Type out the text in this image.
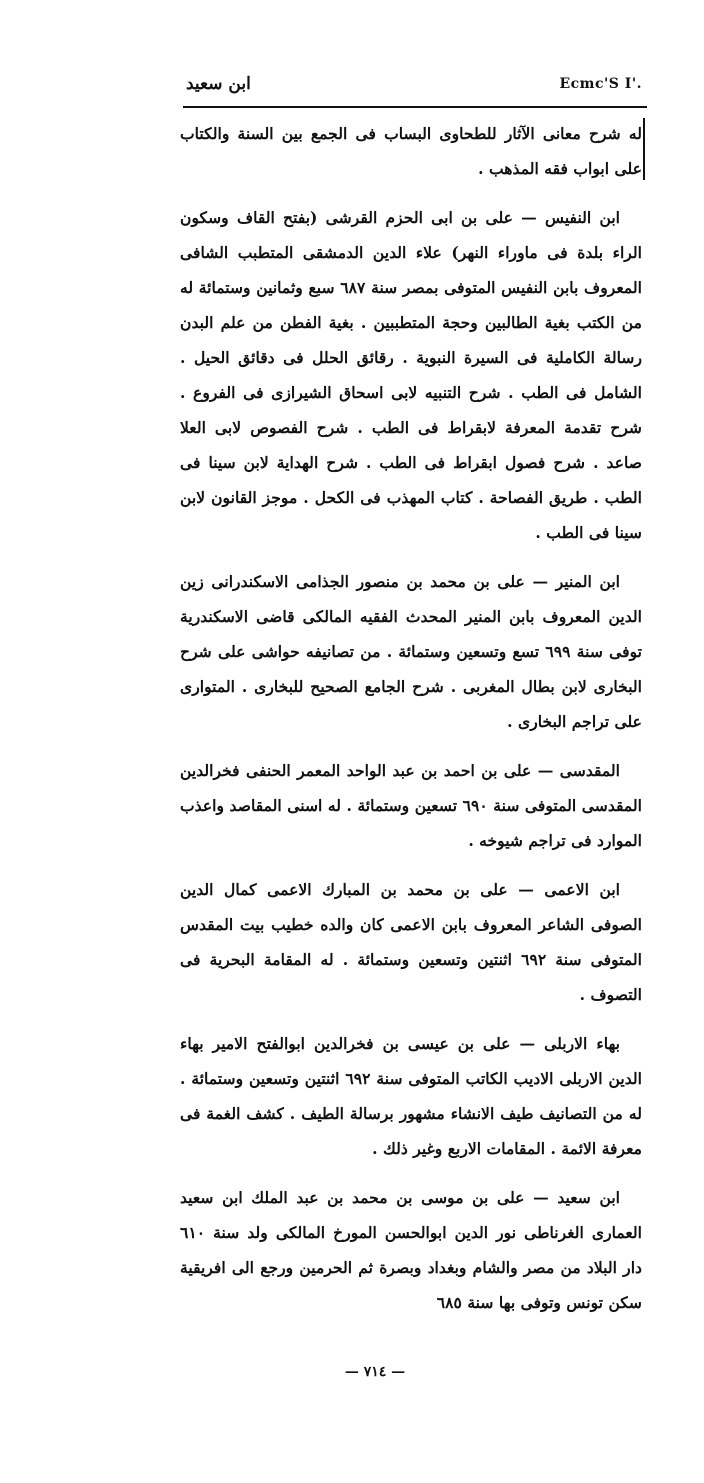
ابن سعيد	Ecmc'S I'.

له شرح معانى الآثار للطحاوى البساب فى الجمع بين السنة والكتاب على ابواب فقه المذهب .

ابن النفيس — على بن ابى الحزم القرشى (بفتح القاف وسكون الراء بلدة فى ماوراء النهر) علاء الدين الدمشقى المتطبب الشافى المعروف بابن النفيس المتوفى بمصر سنة ٦٨٧ سبع وثمانين وستمائة له من الكتب بغية الطالبين وحجة المتطببين . بغية الفطن من علم البدن رسالة الكاملية فى السيرة النبوية . رقائق الحلل فى دقائق الحيل . الشامل فى الطب . شرح التنبيه لابى اسحاق الشيرازى فى الفروع . شرح تقدمة المعرفة لابقراط فى الطب . شرح الفصوص لابى العلا صاعد . شرح فصول ابقراط فى الطب . شرح الهداية لابن سينا فى الطب . طريق الفصاحة . كتاب المهذب فى الكحل . موجز القانون لابن سينا فى الطب .

ابن المنير — على بن محمد بن منصور الجذامى الاسكندرانى زين الدين المعروف بابن المنير المحدث الفقيه المالكى قاضى الاسكندرية توفى سنة ٦٩٩ تسع وتسعين وستمائة . من تصانيفه حواشى على شرح البخارى لابن بطال المغربى . شرح الجامع الصحيح للبخارى . المتوارى على تراجم البخارى .

المقدسى — على بن احمد بن عبد الواحد المعمر الحنفى فخرالدين المقدسى المتوفى سنة ٦٩٠ تسعين وستمائة . له اسنى المقاصد واعذب الموارد فى تراجم شيوخه .

ابن الاعمى — على بن محمد بن المبارك الاعمى كمال الدين الصوفى الشاعر المعروف بابن الاعمى كان والده خطيب بيت المقدس المتوفى سنة ٦٩٢ اثنتين وتسعين وستمائة . له المقامة البحرية فى التصوف .

بهاء الاربلى — على بن عيسى بن فخرالدين ابوالفتح الامير بهاء الدين الاربلى الاديب الكاتب المتوفى سنة ٦٩٢ اثنتين وتسعين وستمائة . له من التصانيف طيف الانشاء مشهور برسالة الطيف . كشف الغمة فى معرفة الائمة . المقامات الاربع وغير ذلك .

ابن سعيد — على بن موسى بن محمد بن عبد الملك ابن سعيد العمارى الغرناطى نور الدين ابوالحسن المورخ المالكى ولد سنة ٦١٠ دار البلاد من مصر والشام وبغداد وبصرة ثم الحرمين ورجع الى افريقية سكن تونس وتوفى بها سنة ٦٨٥

— ٧١٤ —
